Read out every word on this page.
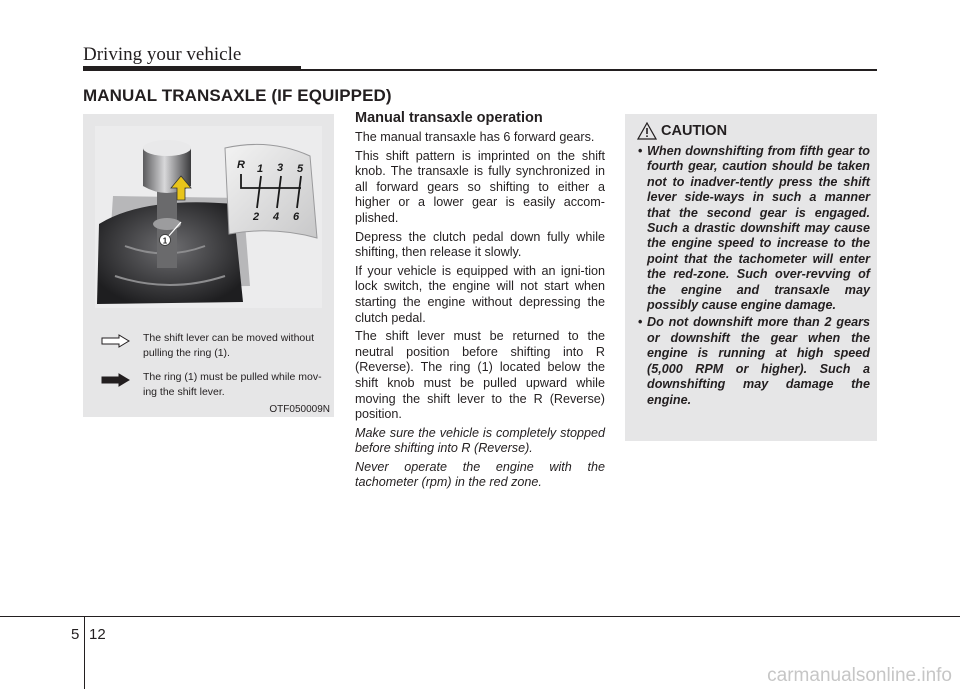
Driving your vehicle
MANUAL TRANSAXLE (IF EQUIPPED)
1
R 1 3 5
2 4 6
The shift lever can be moved without pulling the ring (1).
The ring (1) must be pulled while mov-ing the shift lever.
OTF050009N
Manual transaxle operation

The manual transaxle has 6 forward gears.

This shift pattern is imprinted on the shift knob. The transaxle is fully synchronized in all forward gears so shifting to either a higher or a lower gear is easily accom-plished.

Depress the clutch pedal down fully while shifting, then release it slowly.

If your vehicle is equipped with an igni-tion lock switch, the engine will not start when starting the engine without depressing the clutch pedal.

The shift lever must be returned to the neutral position before shifting into R (Reverse). The ring (1) located below the shift knob must be pulled upward while moving the shift lever to the R (Reverse) position.

Make sure the vehicle is completely stopped before shifting into R (Reverse).

Never operate the engine with the tachometer (rpm) in the red zone.

CAUTION
• When downshifting from fifth gear to fourth gear, caution should be taken not to inadver-tently press the shift lever side-ways in such a manner that the second gear is engaged. Such a drastic downshift may cause the engine speed to increase to the point that the tachometer will enter the red-zone. Such over-revving of the engine and transaxle may possibly cause engine damage.
• Do not downshift more than 2 gears or downshift the gear when the engine is running at high speed (5,000 RPM or higher). Such a downshifting may damage the engine.
5 12
carmanualsonline.info
